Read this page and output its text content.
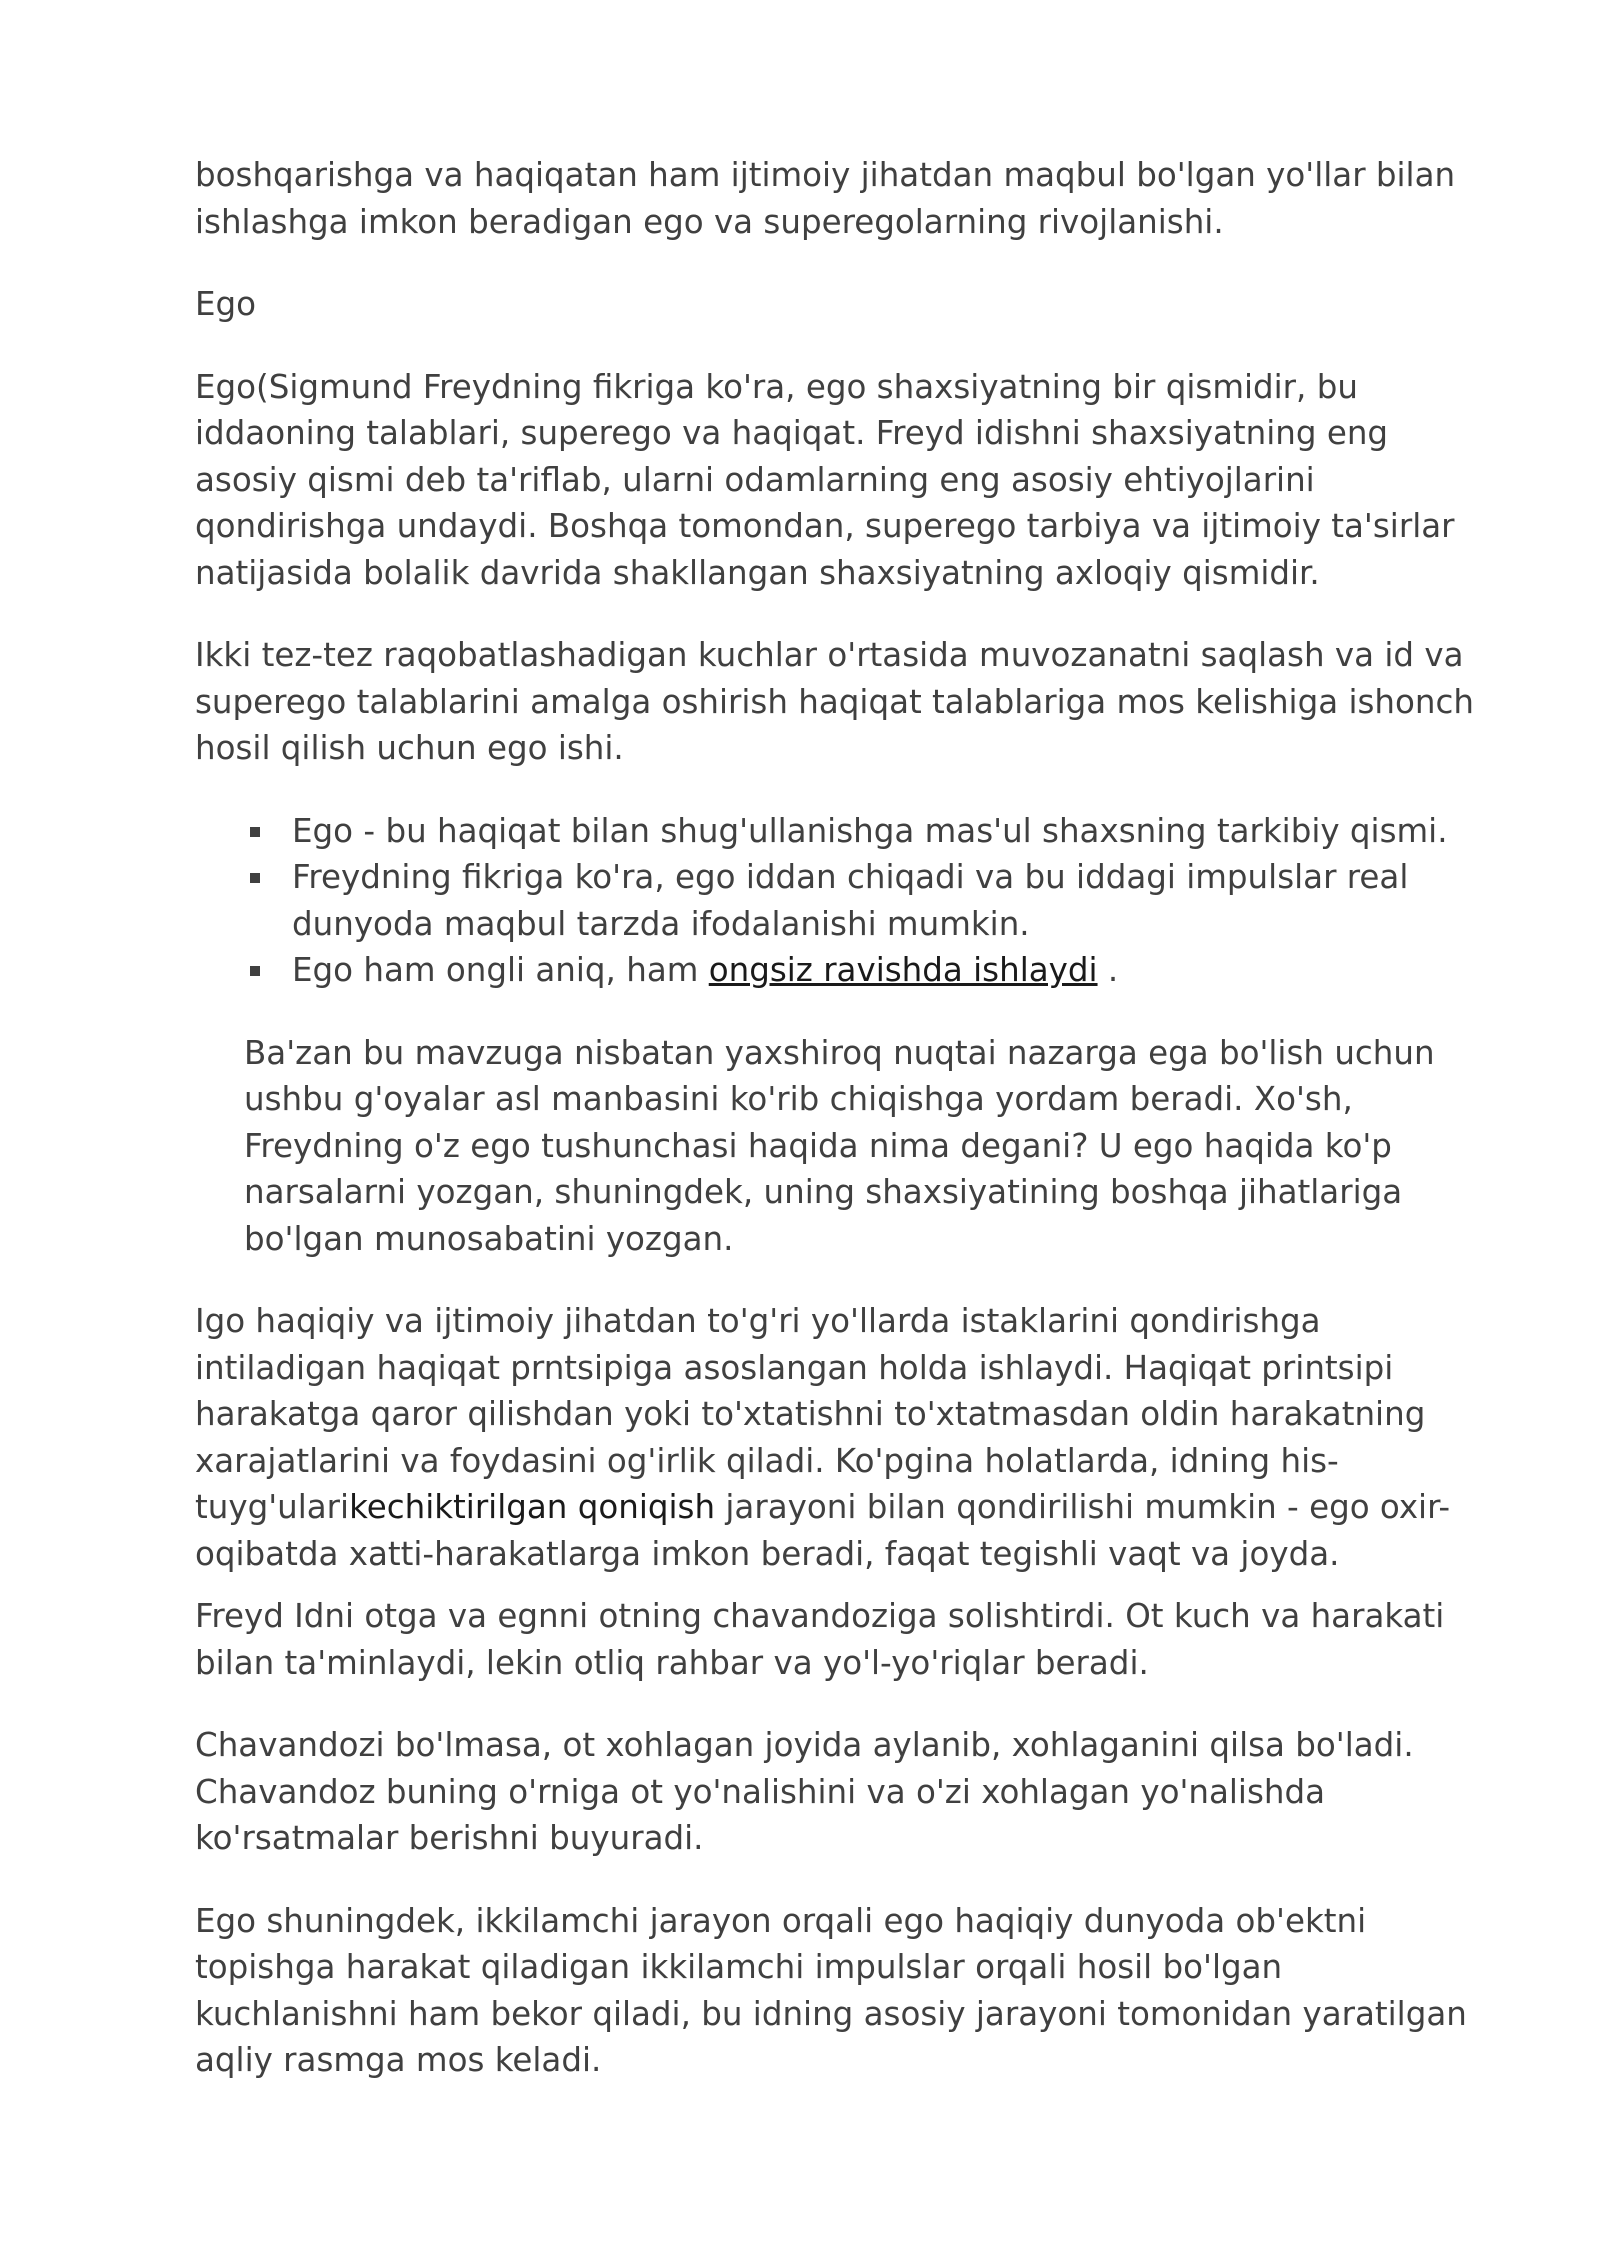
boshqarishga va haqiqatan ham ijtimoiy jihatdan maqbul bo'lgan yo'llar bilan ishlashga imkon beradigan ego va superegolarning rivojlanishi.

Ego

Ego(Sigmund Freydning fikriga ko'ra, ego shaxsiyatning bir qismidir, bu iddaoning talablari, superego va haqiqat. Freyd idishni shaxsiyatning eng asosiy qismi deb ta'riflab, ularni odamlarning eng asosiy ehtiyojlarini qondirishga undaydi. Boshqa tomondan, superego tarbiya va ijtimoiy ta'sirlar natijasida bolalik davrida shakllangan shaxsiyatning axloqiy qismidir.

Ikki tez-tez raqobatlashadigan kuchlar o'rtasida muvozanatni saqlash va id va superego talablarini amalga oshirish haqiqat talablariga mos kelishiga ishonch hosil qilish uchun ego ishi.

Ego - bu haqiqat bilan shug'ullanishga mas'ul shaxsning tarkibiy qismi.
Freydning fikriga ko'ra, ego iddan chiqadi va bu iddagi impulslar real dunyoda maqbul tarzda ifodalanishi mumkin.
Ego ham ongli aniq, ham ongsiz ravishda ishlaydi .

Ba'zan bu mavzuga nisbatan yaxshiroq nuqtai nazarga ega bo'lish uchun ushbu g'oyalar asl manbasini ko'rib chiqishga yordam beradi. Xo'sh, Freydning o'z ego tushunchasi haqida nima degani? U ego haqida ko'p narsalarni yozgan, shuningdek, uning shaxsiyatining boshqa jihatlariga bo'lgan munosabatini yozgan.

Igo haqiqiy va ijtimoiy jihatdan to'g'ri yo'llarda istaklarini qondirishga intiladigan haqiqat prntsipiga asoslangan holda ishlaydi. Haqiqat printsipi harakatga qaror qilishdan yoki to'xtatishni to'xtatmasdan oldin harakatning xarajatlarini va foydasini og'irlik qiladi. Ko'pgina holatlarda, idning his-tuyg'ularikechiktirilgan qoniqish jarayoni bilan qondirilishi mumkin - ego oxir-oqibatda xatti-harakatlarga imkon beradi, faqat tegishli vaqt va joyda.

Freyd Idni otga va egnni otning chavandoziga solishtirdi. Ot kuch va harakati bilan ta'minlaydi, lekin otliq rahbar va yo'l-yo'riqlar beradi.

Chavandozi bo'lmasa, ot xohlagan joyida aylanib, xohlaganini qilsa bo'ladi. Chavandoz buning o'rniga ot yo'nalishini va o'zi xohlagan yo'nalishda ko'rsatmalar berishni buyuradi.

Ego shuningdek, ikkilamchi jarayon orqali ego haqiqiy dunyoda ob'ektni topishga harakat qiladigan ikkilamchi impulslar orqali hosil bo'lgan kuchlanishni ham bekor qiladi, bu idning asosiy jarayoni tomonidan yaratilgan aqliy rasmga mos keladi.
